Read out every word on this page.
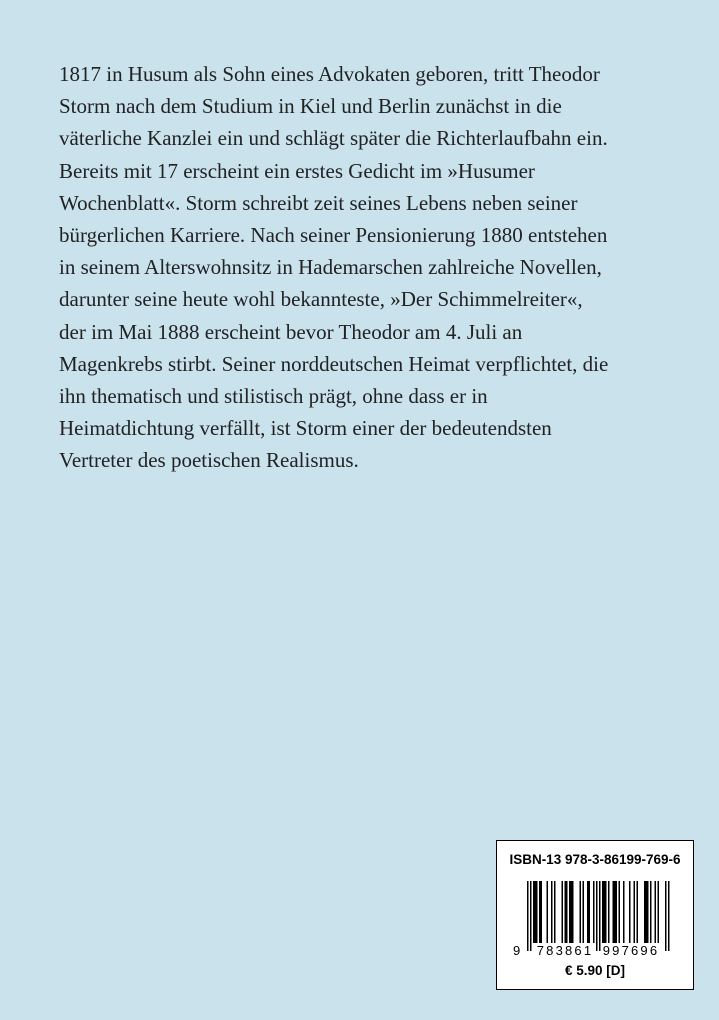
1817 in Husum als Sohn eines Advokaten geboren, tritt Theodor
Storm nach dem Studium in Kiel und Berlin zunächst in die
väterliche Kanzlei ein und schlägt später die Richterlaufbahn ein.
Bereits mit 17 erscheint ein erstes Gedicht im »Husumer
Wochenblatt«. Storm schreibt zeit seines Lebens neben seiner
bürgerlichen Karriere. Nach seiner Pensionierung 1880 entstehen
in seinem Alterswohnsitz in Hademarschen zahlreiche Novellen,
darunter seine heute wohl bekannteste, »Der Schimmelreiter«,
der im Mai 1888 erscheint bevor Theodor am 4. Juli an
Magenkrebs stirbt. Seiner norddeutschen Heimat verpflichtet, die
ihn thematisch und stilistisch prägt, ohne dass er in
Heimatdichtung verfällt, ist Storm einer der bedeutendsten
Vertreter des poetischen Realismus.
ISBN-13 978-3-86199-769-6
9 783861 997696
€ 5.90 [D]
